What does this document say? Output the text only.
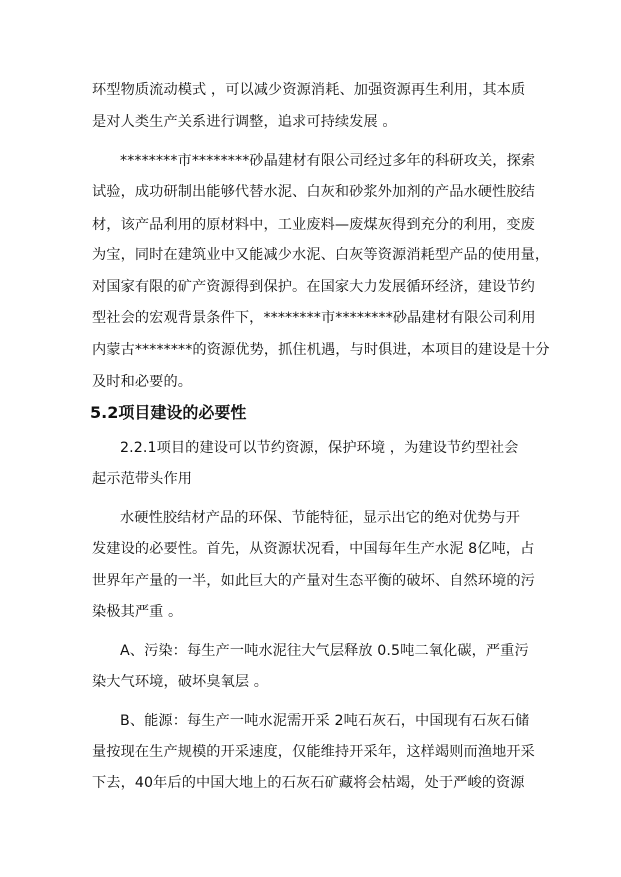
环型物质流动模式 ，可以减少资源消耗、加强资源再生利用，其本质
是对人类生产关系进行调整，追求可持续发展 。
********市********砂晶建材有限公司经过多年的科研攻关，探索
试验，成功研制出能够代替水泥、白灰和砂浆外加剂的产品水硬性胶结
材，该产品利用的原材料中，工业废料—废煤灰得到充分的利用，变废
为宝，同时在建筑业中又能减少水泥、白灰等资源消耗型产品的使用量，
对国家有限的矿产资源得到保护。在国家大力发展循环经济，建设节约
型社会的宏观背景条件下，********市********砂晶建材有限公司利用
内蒙古********的资源优势，抓住机遇，与时俱进，本项目的建设是十分
及时和必要的。
5.2项目建设的必要性
2.2.1项目的建设可以节约资源，保护环境 ，为建设节约型社会
起示范带头作用
水硬性胶结材产品的环保、节能特征，显示出它的绝对优势与开
发建设的必要性。首先，从资源状况看，中国每年生产水泥 8亿吨，占
世界年产量的一半，如此巨大的产量对生态平衡的破坏、自然环境的污
染极其严重 。
A、污染：每生产一吨水泥往大气层释放 0.5吨二氧化碳，严重污
染大气环境，破坏臭氧层 。
B、能源：每生产一吨水泥需开采 2吨石灰石，中国现有石灰石储
量按现在生产规模的开采速度，仅能维持开采年，这样竭则而渔地开采
下去，40年后的中国大地上的石灰石矿藏将会枯竭，处于严峻的资源
